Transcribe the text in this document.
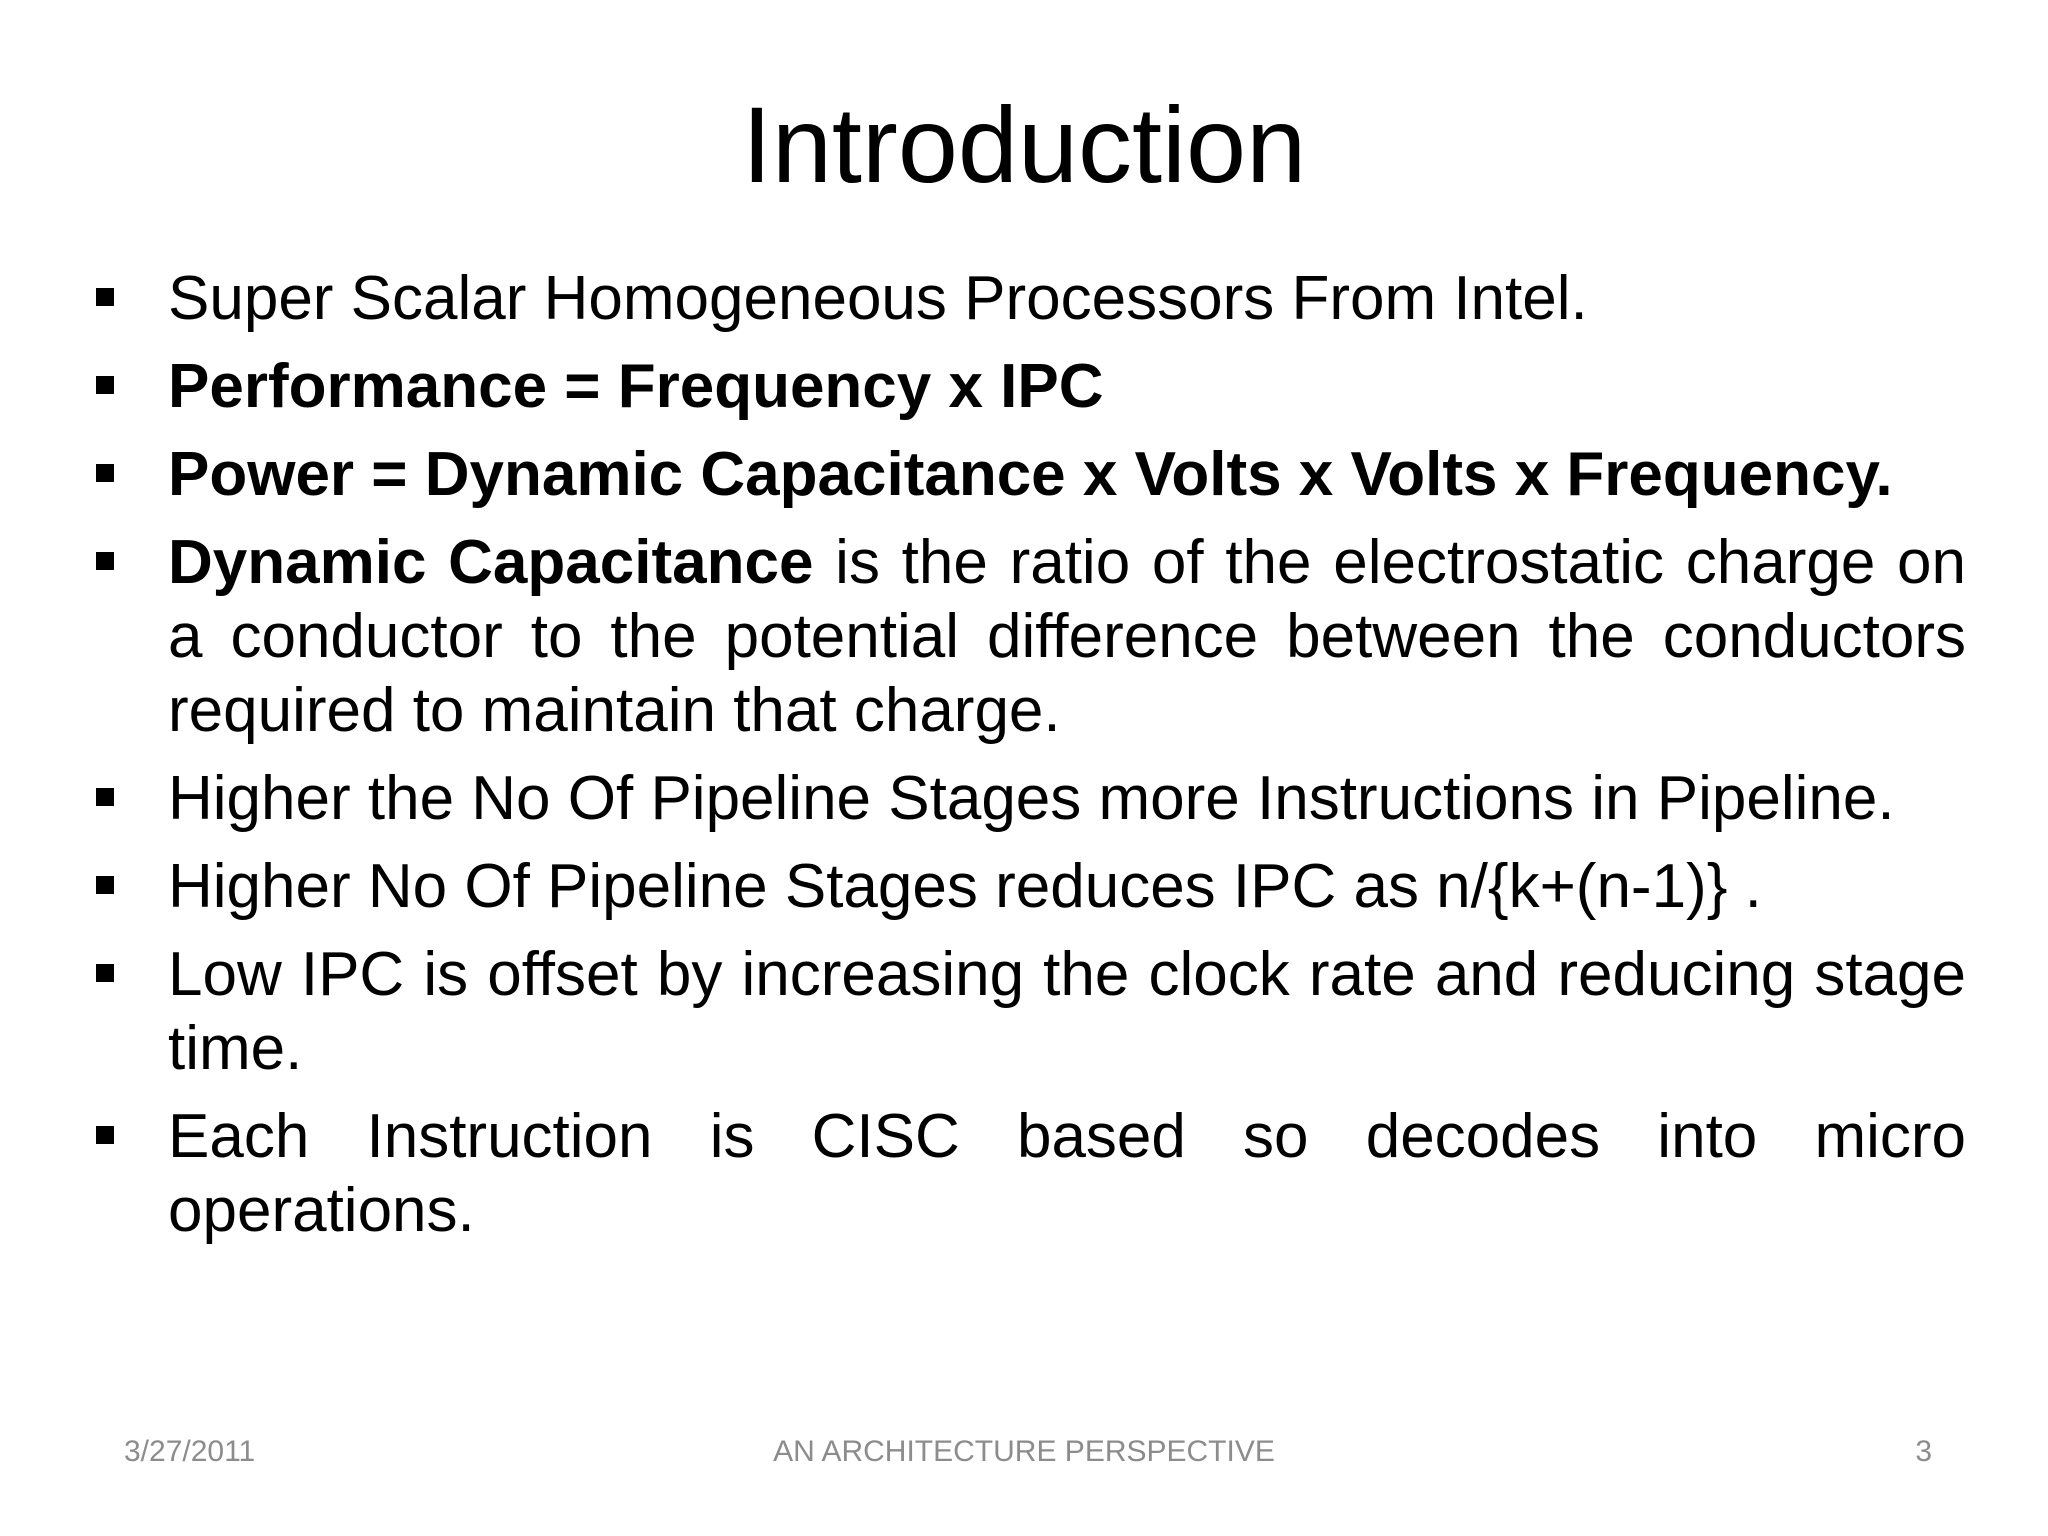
Introduction
Super Scalar Homogeneous Processors From Intel.
Performance = Frequency x IPC
Power = Dynamic Capacitance x Volts x Volts x Frequency.
Dynamic Capacitance is the ratio of the electrostatic charge on a conductor to the potential difference between the conductors required to maintain that charge.
Higher the No Of Pipeline Stages more Instructions in Pipeline.
Higher No Of Pipeline Stages reduces IPC as n/{k+(n-1)} .
Low IPC is offset by increasing the clock rate and reducing stage time.
Each Instruction is CISC based so decodes into micro operations.
3/27/2011	AN ARCHITECTURE PERSPECTIVE	3
